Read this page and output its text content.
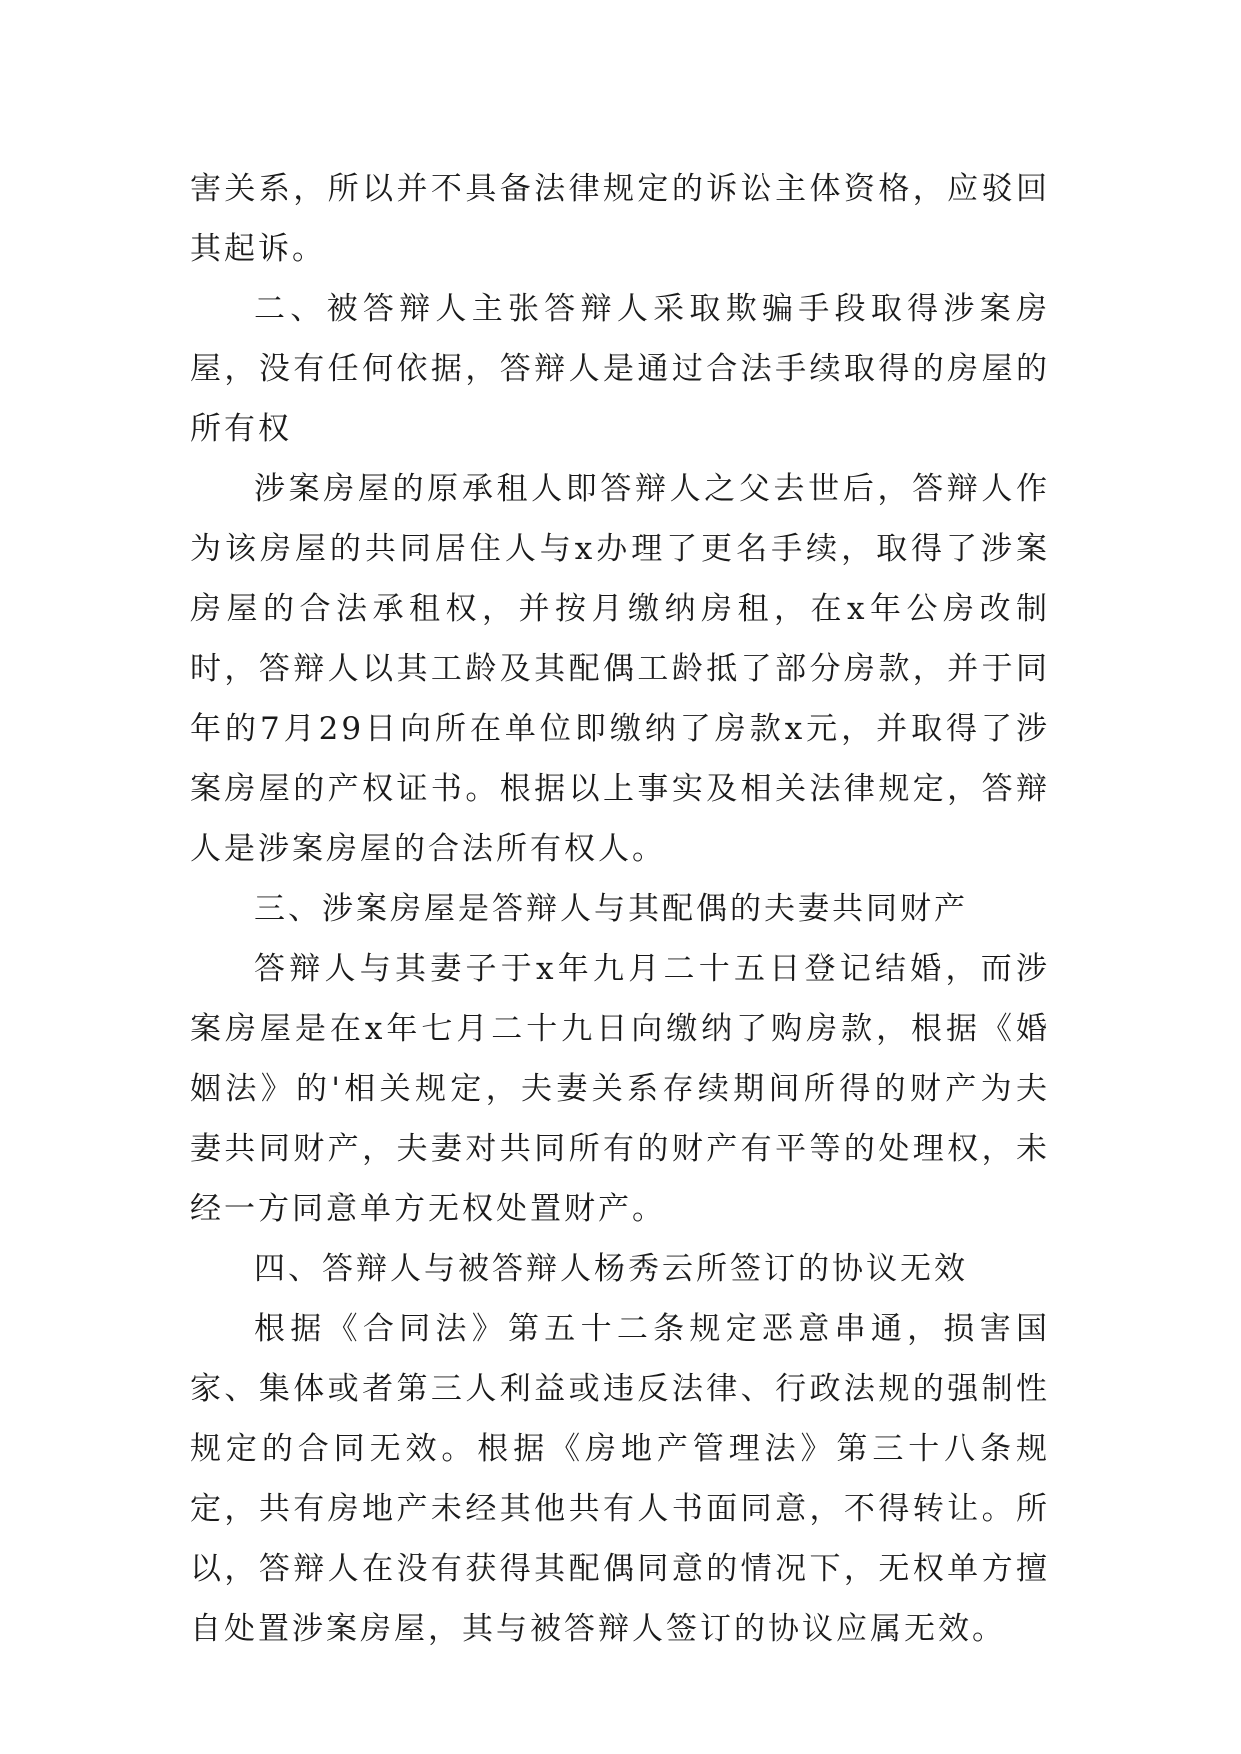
害关系，所以并不具备法律规定的诉讼主体资格，应驳回其起诉。

二、被答辩人主张答辩人采取欺骗手段取得涉案房屋，没有任何依据，答辩人是通过合法手续取得的房屋的所有权

涉案房屋的原承租人即答辩人之父去世后，答辩人作为该房屋的共同居住人与x办理了更名手续，取得了涉案房屋的合法承租权，并按月缴纳房租，在x年公房改制时，答辩人以其工龄及其配偶工龄抵了部分房款，并于同年的7月29日向所在单位即缴纳了房款x元，并取得了涉案房屋的产权证书。根据以上事实及相关法律规定，答辩人是涉案房屋的合法所有权人。

三、涉案房屋是答辩人与其配偶的夫妻共同财产

答辩人与其妻子于x年九月二十五日登记结婚，而涉案房屋是在x年七月二十九日向缴纳了购房款，根据《婚姻法》的'相关规定，夫妻关系存续期间所得的财产为夫妻共同财产，夫妻对共同所有的财产有平等的处理权，未经一方同意单方无权处置财产。

四、答辩人与被答辩人杨秀云所签订的协议无效

根据《合同法》第五十二条规定恶意串通，损害国家、集体或者第三人利益或违反法律、行政法规的强制性规定的合同无效。根据《房地产管理法》第三十八条规定，共有房地产未经其他共有人书面同意，不得转让。所以，答辩人在没有获得其配偶同意的情况下，无权单方擅自处置涉案房屋，其与被答辩人签订的协议应属无效。
